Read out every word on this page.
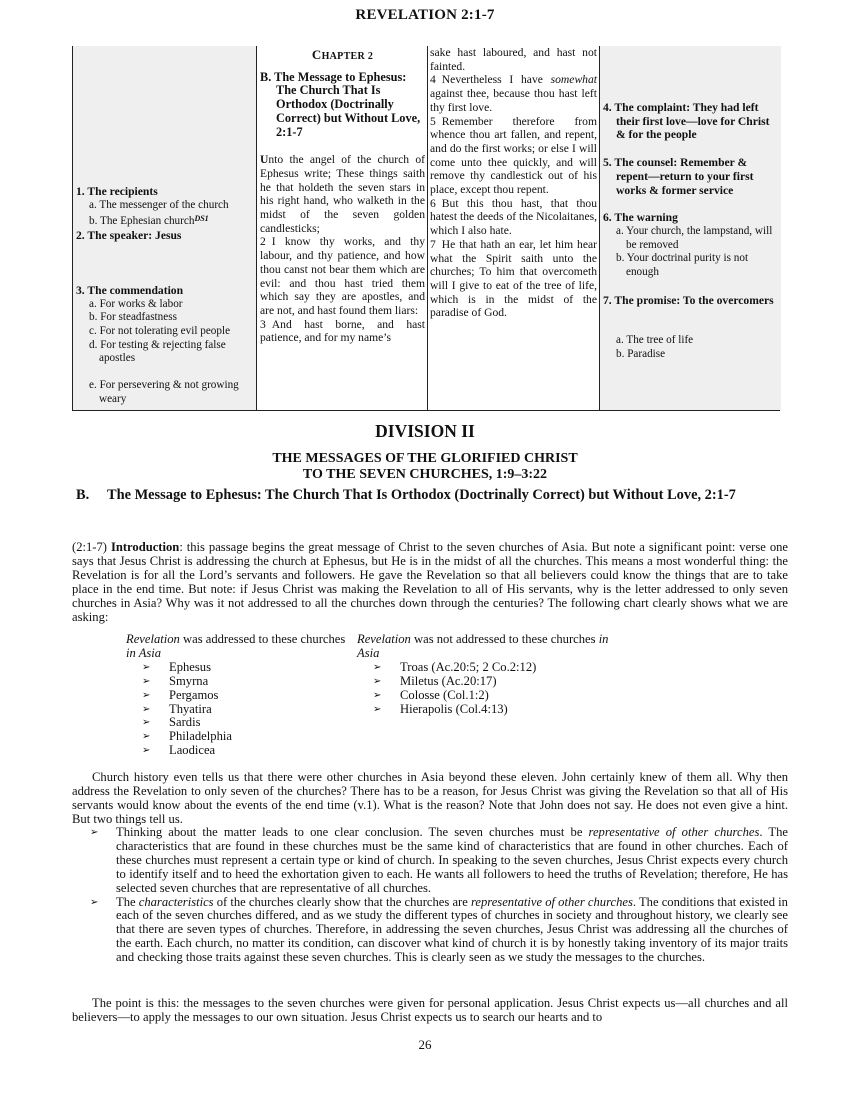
REVELATION 2:1-7
1. The recipients
a. The messenger of the church
b. The Ephesian church$^{DS1}$
2. The speaker: Jesus
3. The commendation
a. For works & labor
b. For steadfastness
c. For not tolerating evil people
d. For testing & rejecting false apostles
e. For persevering & not growing weary
CHAPTER 2
B. The Message to Ephesus: The Church That Is Orthodox (Doctrinally Correct) but Without Love, 2:1-7
Unto the angel of the church of Ephesus write; These things saith he that holdeth the seven stars in his right hand, who walketh in the midst of the seven golden candlesticks;
2 I know thy works, and thy labour, and thy patience, and how thou canst not bear them which are evil: and thou hast tried them which say they are apostles, and are not, and hast found them liars:
3 And hast borne, and hast patience, and for my name’s
sake hast laboured, and hast not fainted.
4 Nevertheless I have somewhat against thee, because thou hast left thy first love.
5 Remember therefore from whence thou art fallen, and repent, and do the first works; or else I will come unto thee quickly, and will remove thy candlestick out of his place, except thou repent.
6 But this thou hast, that thou hatest the deeds of the Nicolaitanes, which I also hate.
7 He that hath an ear, let him hear what the Spirit saith unto the churches; To him that overcometh will I give to eat of the tree of life, which is in the midst of the paradise of God.
4. The complaint: They had left their first love—love for Christ & for the people
5. The counsel: Remember & repent—return to your first works & former service
6. The warning
a. Your church, the lampstand, will be removed
b. Your doctrinal purity is not enough
7. The promise: To the overcomers
a. The tree of life
b. Paradise
DIVISION II
THE MESSAGES OF THE GLORIFIED CHRIST
TO THE SEVEN CHURCHES, 1:9–3:22
B.	The Message to Ephesus: The Church That Is Orthodox (Doctrinally Correct) but Without Love, 2:1-7
(2:1-7) Introduction: this passage begins the great message of Christ to the seven churches of Asia. But note a significant point: verse one says that Jesus Christ is addressing the church at Ephesus, but He is in the midst of all the churches. This means a most wonderful thing: the Revelation is for all the Lord’s servants and followers. He gave the Revelation so that all believers could know the things that are to take place in the end time. But note: if Jesus Christ was making the Revelation to all of His servants, why is the letter addressed to only seven churches in Asia? Why was it not addressed to all the churches down through the centuries? The following chart clearly shows what we are asking:
Revelation was addressed to these churches in Asia
➢	Ephesus
➢	Smyrna
➢	Pergamos
➢	Thyatira
➢	Sardis
➢	Philadelphia
➢	Laodicea
Revelation was not addressed to these churches in Asia
➢	Troas (Ac.20:5; 2 Co.2:12)
➢	Miletus (Ac.20:17)
➢	Colosse (Col.1:2)
➢	Hierapolis (Col.4:13)
Church history even tells us that there were other churches in Asia beyond these eleven. John certainly knew of them all. Why then address the Revelation to only seven of the churches? There has to be a reason, for Jesus Christ was giving the Revelation so that all of His servants would know about the events of the end time (v.1). What is the reason? Note that John does not say. He does not even give a hint. But two things tell us.
➢	Thinking about the matter leads to one clear conclusion. The seven churches must be representative of other churches. The characteristics that are found in these churches must be the same kind of characteristics that are found in other churches. Each of these churches must represent a certain type or kind of church. In speaking to the seven churches, Jesus Christ expects every church to identify itself and to heed the exhortation given to each. He wants all followers to heed the truths of Revelation; therefore, He has selected seven churches that are representative of all churches.
➢	The characteristics of the churches clearly show that the churches are representative of other churches. The conditions that existed in each of the seven churches differed, and as we study the different types of churches in society and throughout history, we clearly see that there are seven types of churches. Therefore, in addressing the seven churches, Jesus Christ was addressing all the churches of the earth. Each church, no matter its condition, can discover what kind of church it is by honestly taking inventory of its major traits and checking those traits against these seven churches. This is clearly seen as we study the messages to the churches.
The point is this: the messages to the seven churches were given for personal application. Jesus Christ expects us—all churches and all believers—to apply the messages to our own situation. Jesus Christ expects us to search our hearts and to
26
